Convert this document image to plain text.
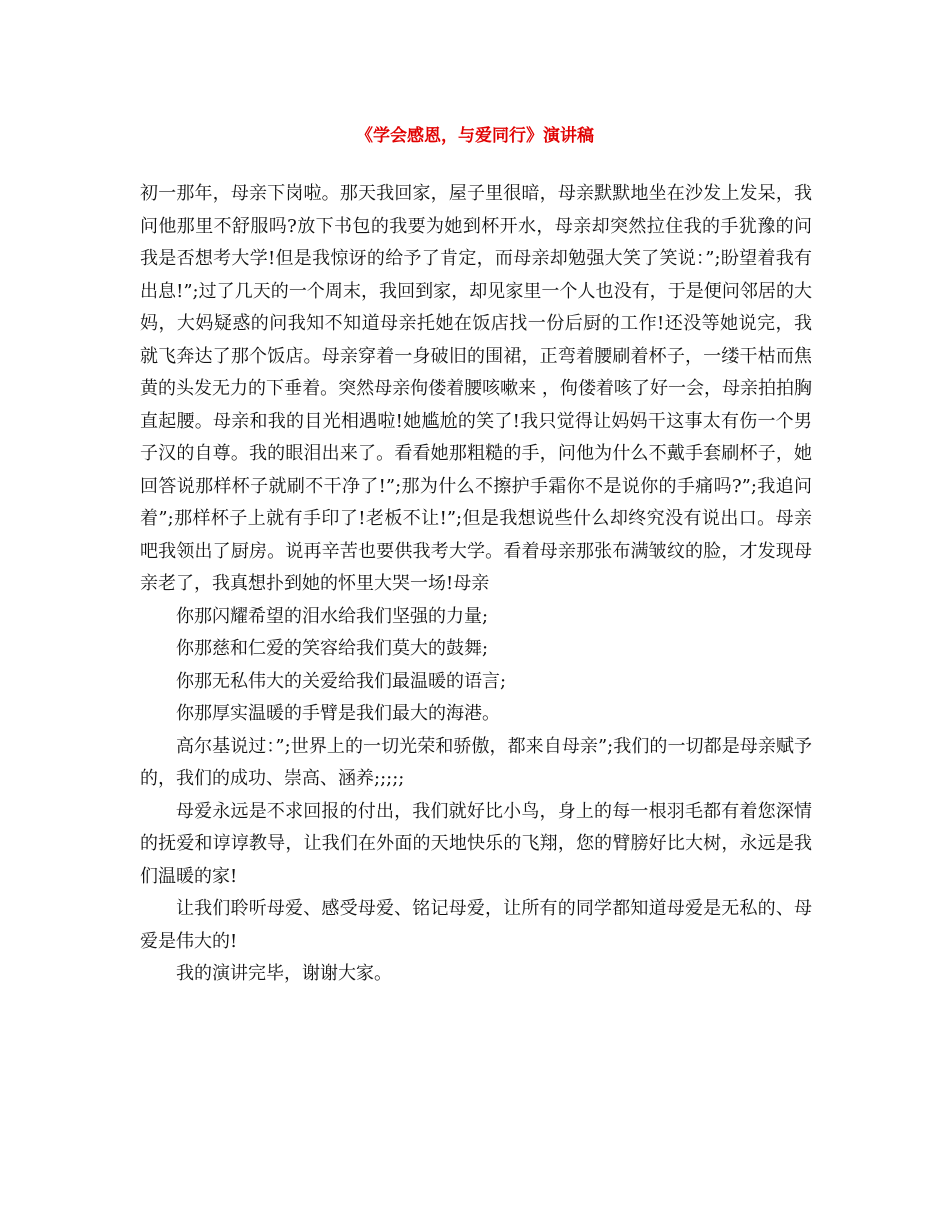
《学会感恩，与爱同行》演讲稿

初一那年，母亲下岗啦。那天我回家，屋子里很暗，母亲默默地坐在沙发上发呆，我问他那里不舒服吗?放下书包的我要为她到杯开水，母亲却突然拉住我的手犹豫的问我是否想考大学!但是我惊讶的给予了肯定，而母亲却勉强大笑了笑说：”;盼望着我有出息!”;过了几天的一个周末，我回到家，却见家里一个人也没有，于是便问邻居的大妈，大妈疑惑的问我知不知道母亲托她在饭店找一份后厨的工作!还没等她说完，我就飞奔达了那个饭店。母亲穿着一身破旧的围裙，正弯着腰刷着杯子，一缕干枯而焦黄的头发无力的下垂着。突然母亲佝偻着腰咳嗽来 ，佝偻着咳了好一会，母亲拍拍胸直起腰。母亲和我的目光相遇啦!她尴尬的笑了!我只觉得让妈妈干这事太有伤一个男子汉的自尊。我的眼泪出来了。看看她那粗糙的手，问他为什么不戴手套刷杯子，她回答说那样杯子就刷不干净了!”;那为什么不擦护手霜你不是说你的手痛吗?”;我追问着”;那样杯子上就有手印了!老板不让!”;但是我想说些什么却终究没有说出口。母亲吧我领出了厨房。说再辛苦也要供我考大学。看着母亲那张布满皱纹的脸，才发现母亲老了，我真想扑到她的怀里大哭一场!母亲

你那闪耀希望的泪水给我们坚强的力量;

你那慈和仁爱的笑容给我们莫大的鼓舞;

你那无私伟大的关爱给我们最温暖的语言;

你那厚实温暖的手臂是我们最大的海港。

高尔基说过：”;世界上的一切光荣和骄傲，都来自母亲”;我们的一切都是母亲赋予的，我们的成功、崇高、涵养;;;;;

母爱永远是不求回报的付出，我们就好比小鸟，身上的每一根羽毛都有着您深情的抚爱和谆谆教导，让我们在外面的天地快乐的飞翔，您的臂膀好比大树，永远是我们温暖的家!

让我们聆听母爱、感受母爱、铭记母爱，让所有的同学都知道母爱是无私的、母爱是伟大的!

我的演讲完毕，谢谢大家。
